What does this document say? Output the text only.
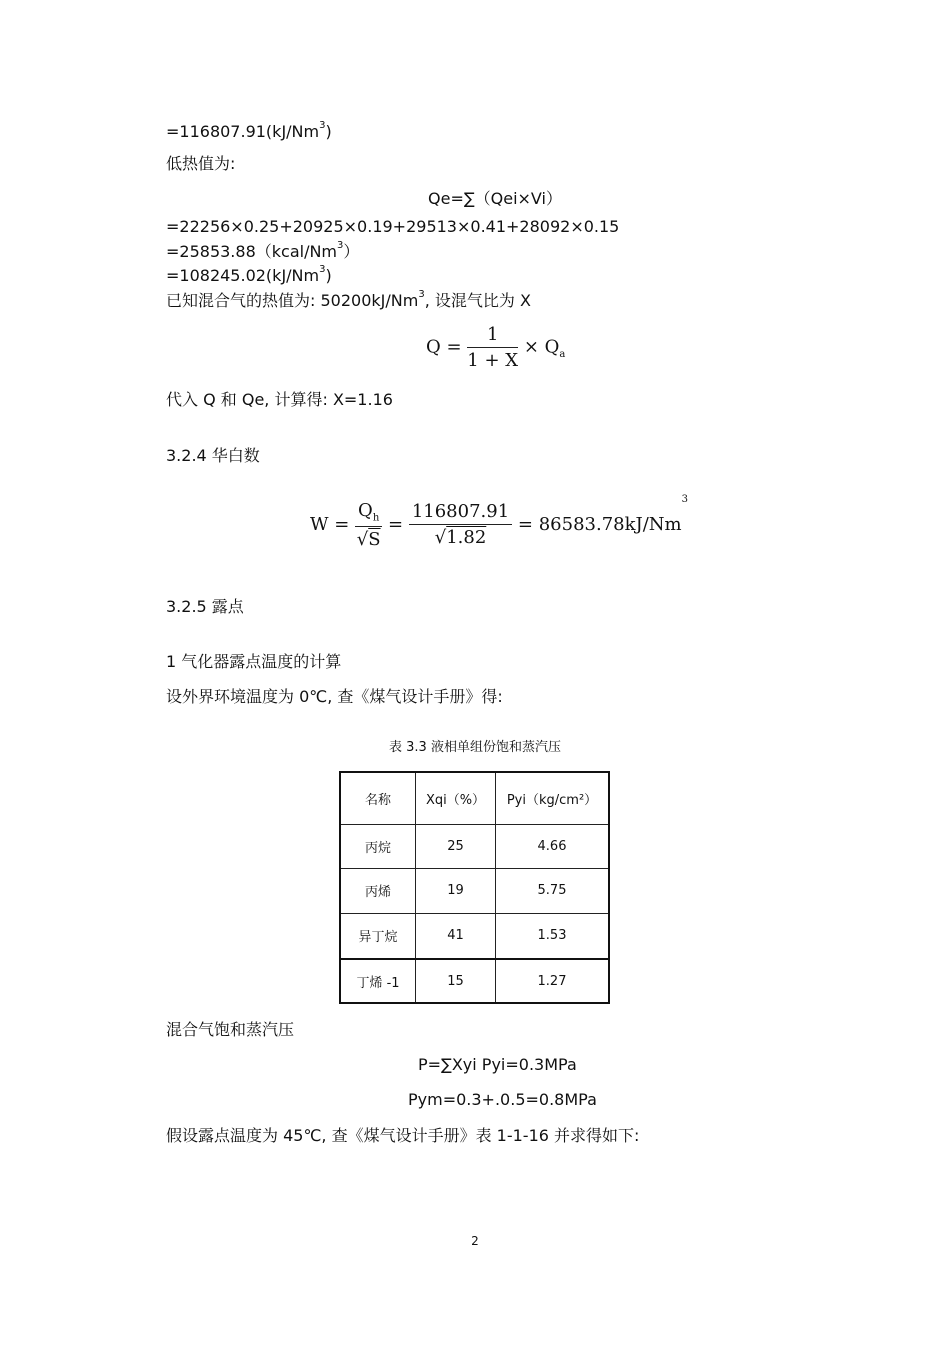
$=116807.91(kJ/Nm^3)$
低热值为:
Qe=∑（Qei×Vi）
=22256×0.25+20925×0.19+29513×0.41+28092×0.15
$=25853.88(kcal/Nm^3)$
$=108245.02(kJ/Nm^3)$
已知混合气的热值为: 50200kJ/Nm$^3$, 设混气比为 X
$Q = \frac{1}{1 + X} \times Q_a$
代入 Q 和 Qe, 计算得: X=1.16
3.2.4 华白数
$W = \frac{Q_h}{√S} = \frac{116807.91}{√1.82} = 86583.78kJ/Nm^3$
3.2.5 露点
1 气化器露点温度的计算
设外界环境温度为 0℃, 查《煤气设计手册》得:
表 3.3 液相单组份饱和蒸汽压
名称	Xqi（%）	Pyi（kg/cm²）
丙烷	25	4.66
丙烯	19	5.75
异丁烷	41	1.53
丁烯 -1	15	1.27
混合气饱和蒸汽压
P=∑Xyi Pyi=0.3MPa
Pym=0.3+.0.5=0.8MPa
假设露点温度为 45℃, 查《煤气设计手册》表 1-1-16 并求得如下:
2
